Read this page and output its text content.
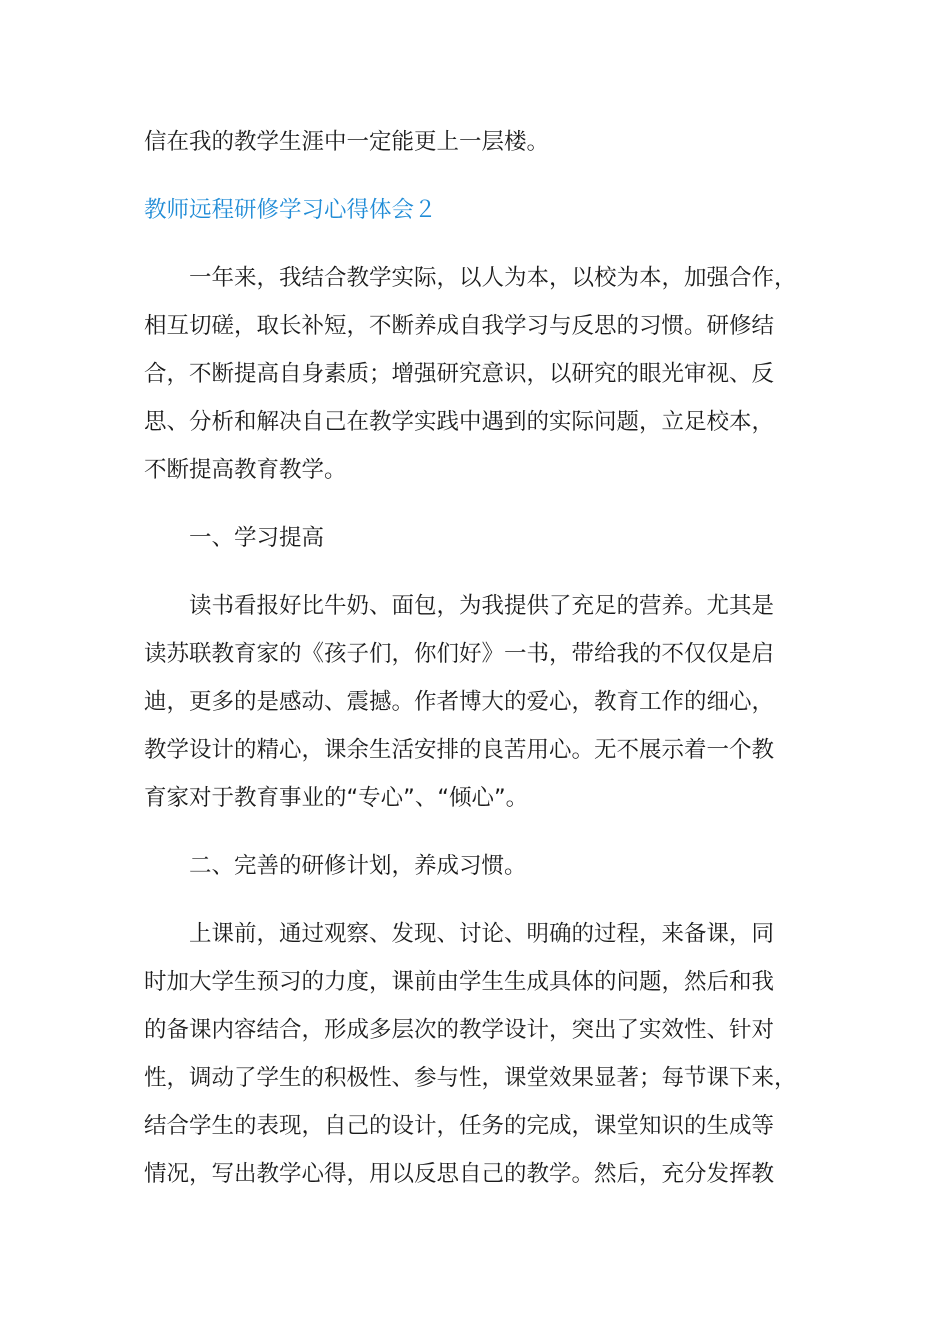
信在我的教学生涯中一定能更上一层楼。

教师远程研修学习心得体会２

一年来，我结合教学实际，以人为本，以校为本，加强合作，

相互切磋，取长补短，不断养成自我学习与反思的习惯。研修结

合，不断提高自身素质；增强研究意识，以研究的眼光审视、反

思、分析和解决自己在教学实践中遇到的实际问题，立足校本，

不断提高教育教学。

一、学习提高

读书看报好比牛奶、面包，为我提供了充足的营养。尤其是

读苏联教育家的《孩子们，你们好》一书，带给我的不仅仅是启

迪，更多的是感动、震撼。作者博大的爱心，教育工作的细心，

教学设计的精心，课余生活安排的良苦用心。无不展示着一个教

育家对于教育事业的“专心”、“倾心”。

二、完善的研修计划，养成习惯。

上课前，通过观察、发现、讨论、明确的过程，来备课，同

时加大学生预习的力度，课前由学生生成具体的问题，然后和我

的备课内容结合，形成多层次的教学设计，突出了实效性、针对

性，调动了学生的积极性、参与性，课堂效果显著；每节课下来，

结合学生的表现，自己的设计，任务的完成，课堂知识的生成等

情况，写出教学心得，用以反思自己的教学。然后，充分发挥教
